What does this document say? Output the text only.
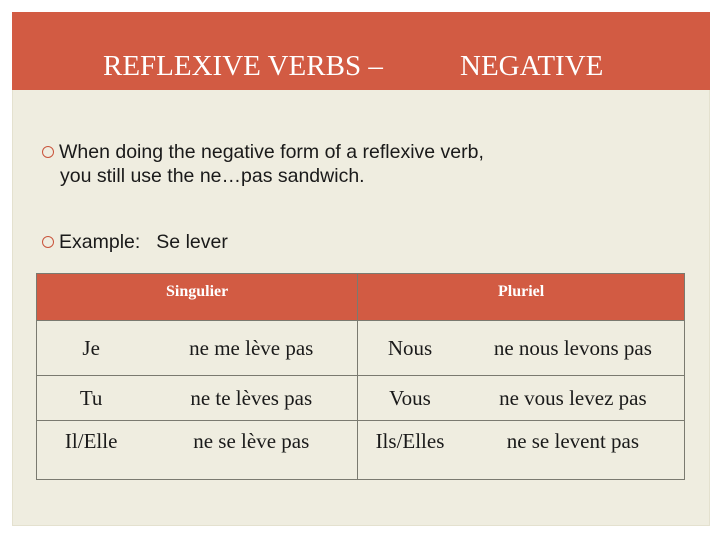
REFLEXIVE VERBS –	NEGATIVE
When doing the negative form of a reflexive verb,
you still use the ne…pas sandwich.
Example: Se lever
Singulier		Pluriel	
Je	ne me lève pas	Nous	ne nous levons pas
Tu	ne te lèves pas	Vous	ne vous levez pas
Il/Elle	ne se lève pas	Ils/Elles	ne se levent pas
